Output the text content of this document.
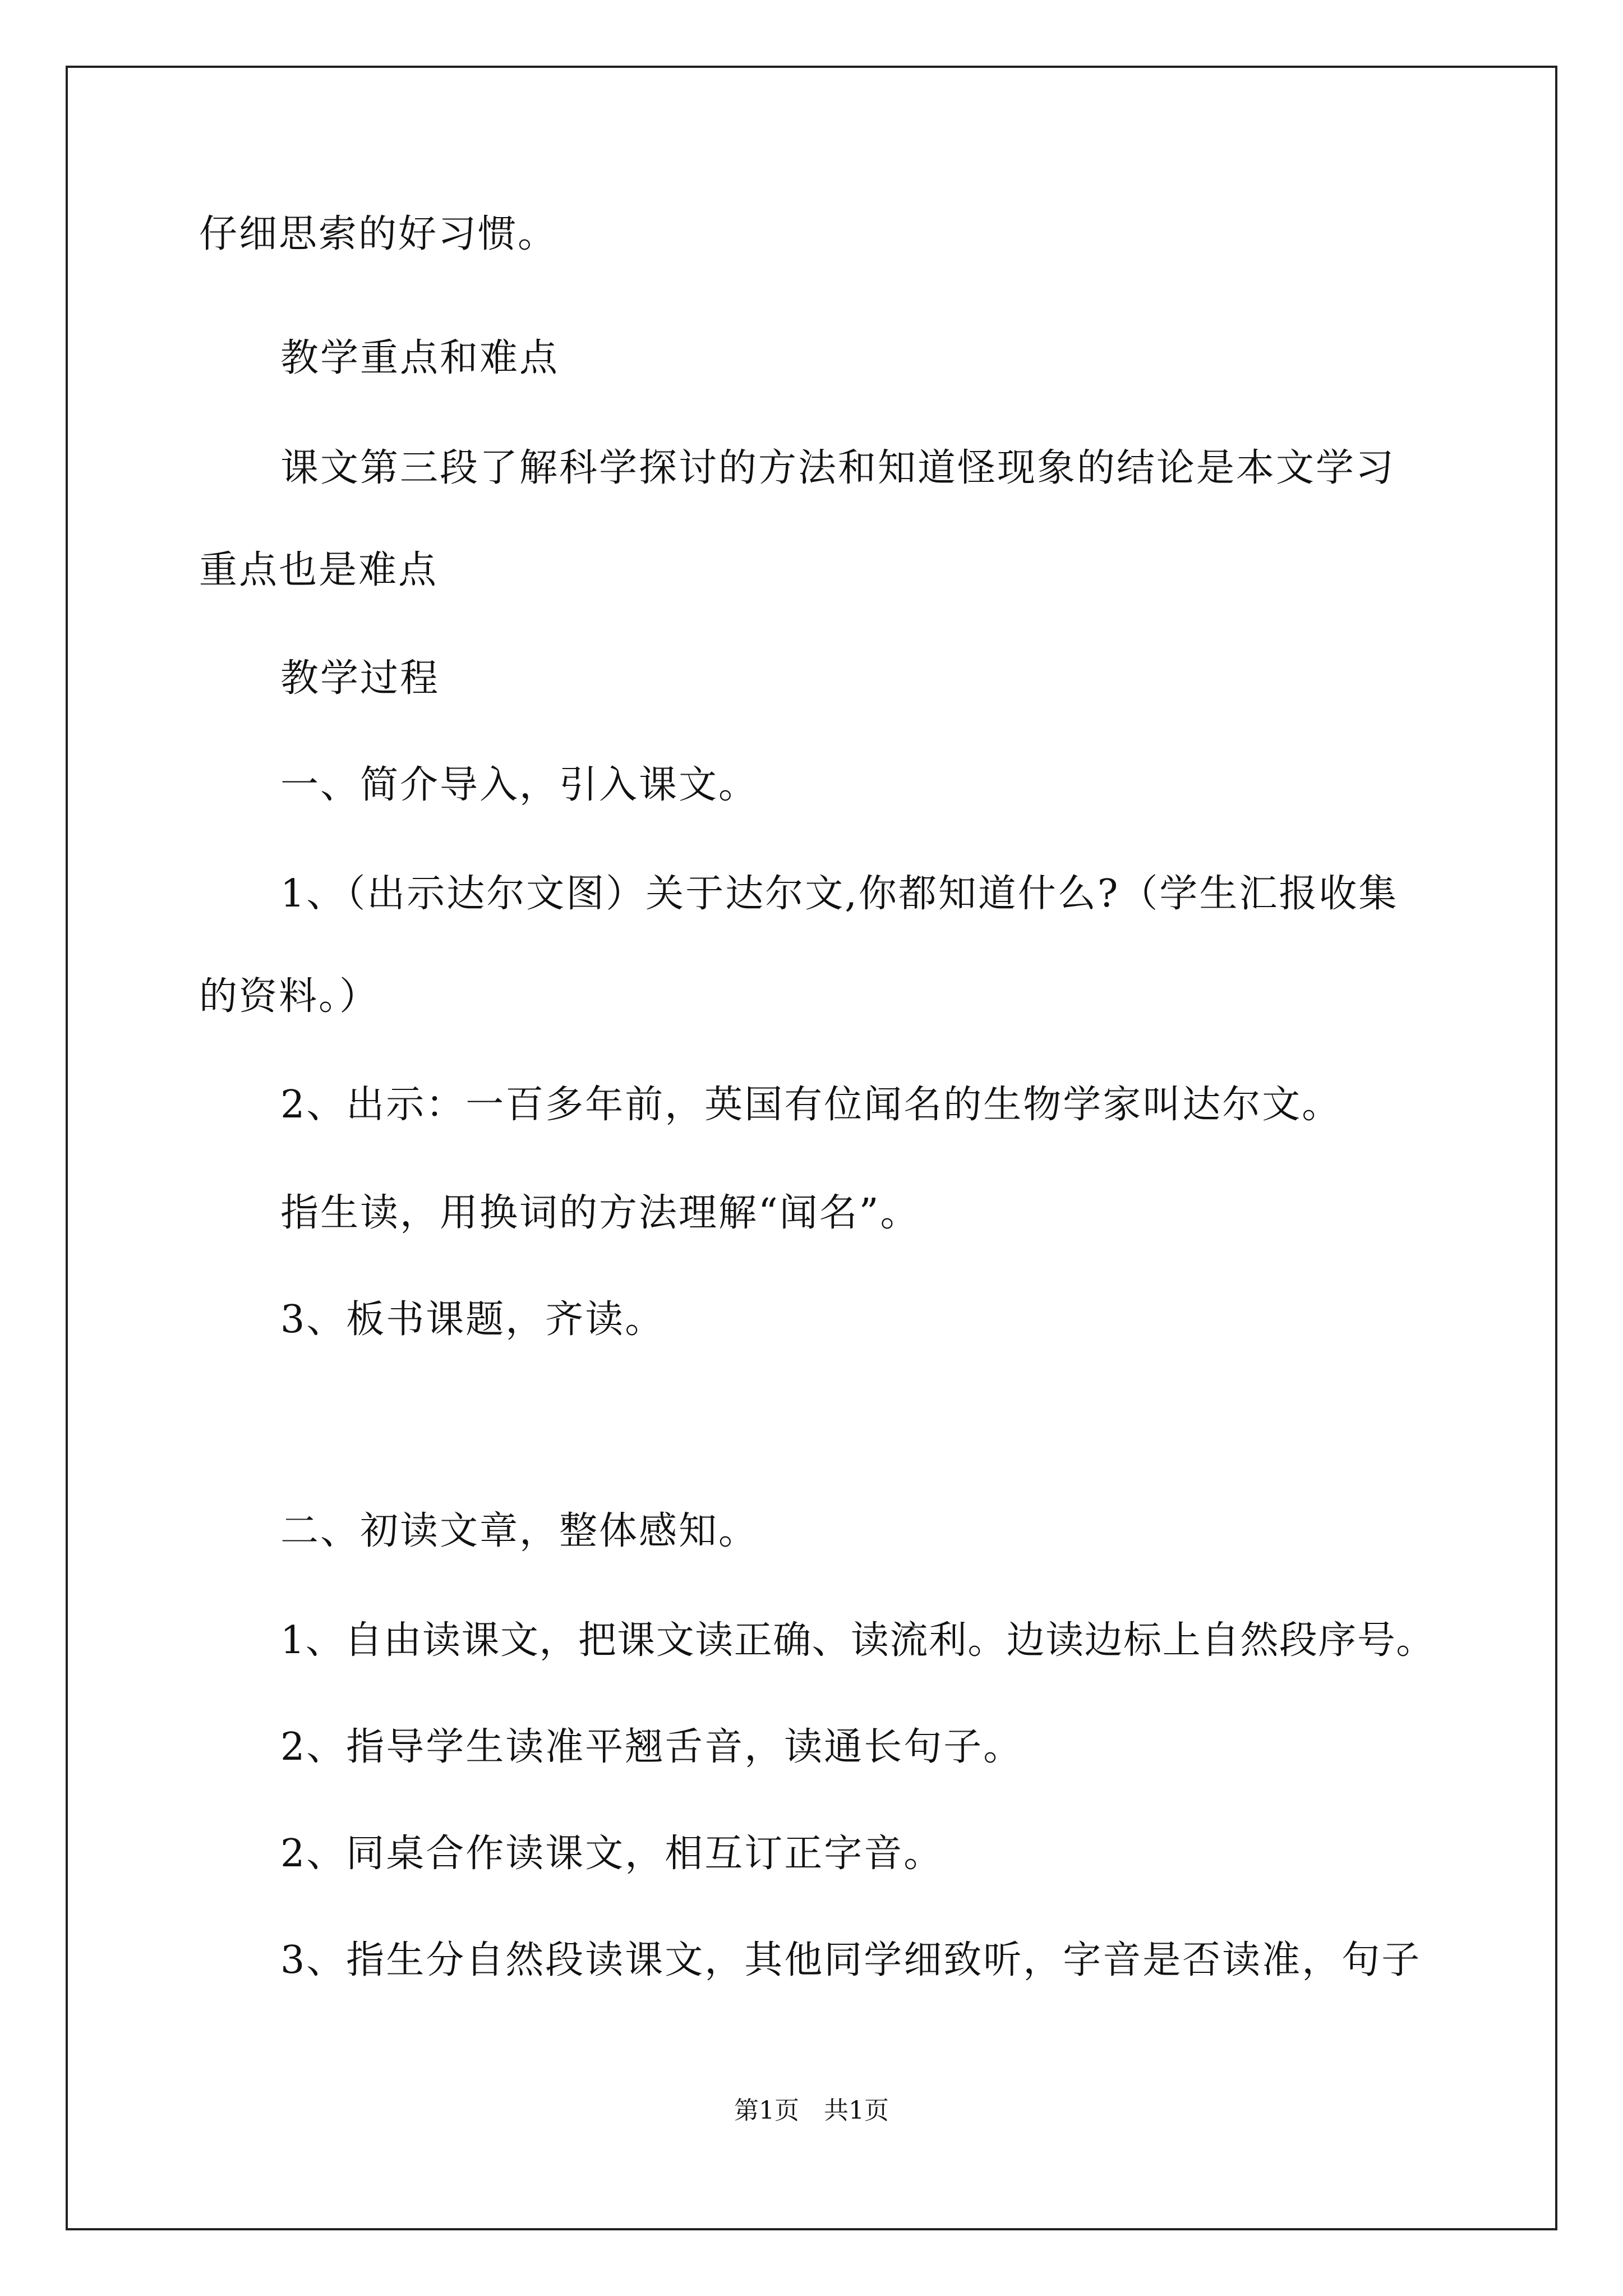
仔细思索的好习惯。
教学重点和难点
课文第三段了解科学探讨的方法和知道怪现象的结论是本文学习
重点也是难点
教学过程
一、简介导入，引入课文。
1、（出示达尔文图）关于达尔文,你都知道什么?（学生汇报收集
的资料。）
2、出示：一百多年前，英国有位闻名的生物学家叫达尔文。
指生读，用换词的方法理解“闻名”。
3、板书课题，齐读。
二、初读文章，整体感知。
1、自由读课文，把课文读正确、读流利。边读边标上自然段序号。
2、指导学生读准平翘舌音，读通长句子。
2、同桌合作读课文，相互订正字音。
3、指生分自然段读课文，其他同学细致听，字音是否读准，句子
第1页　共1页
